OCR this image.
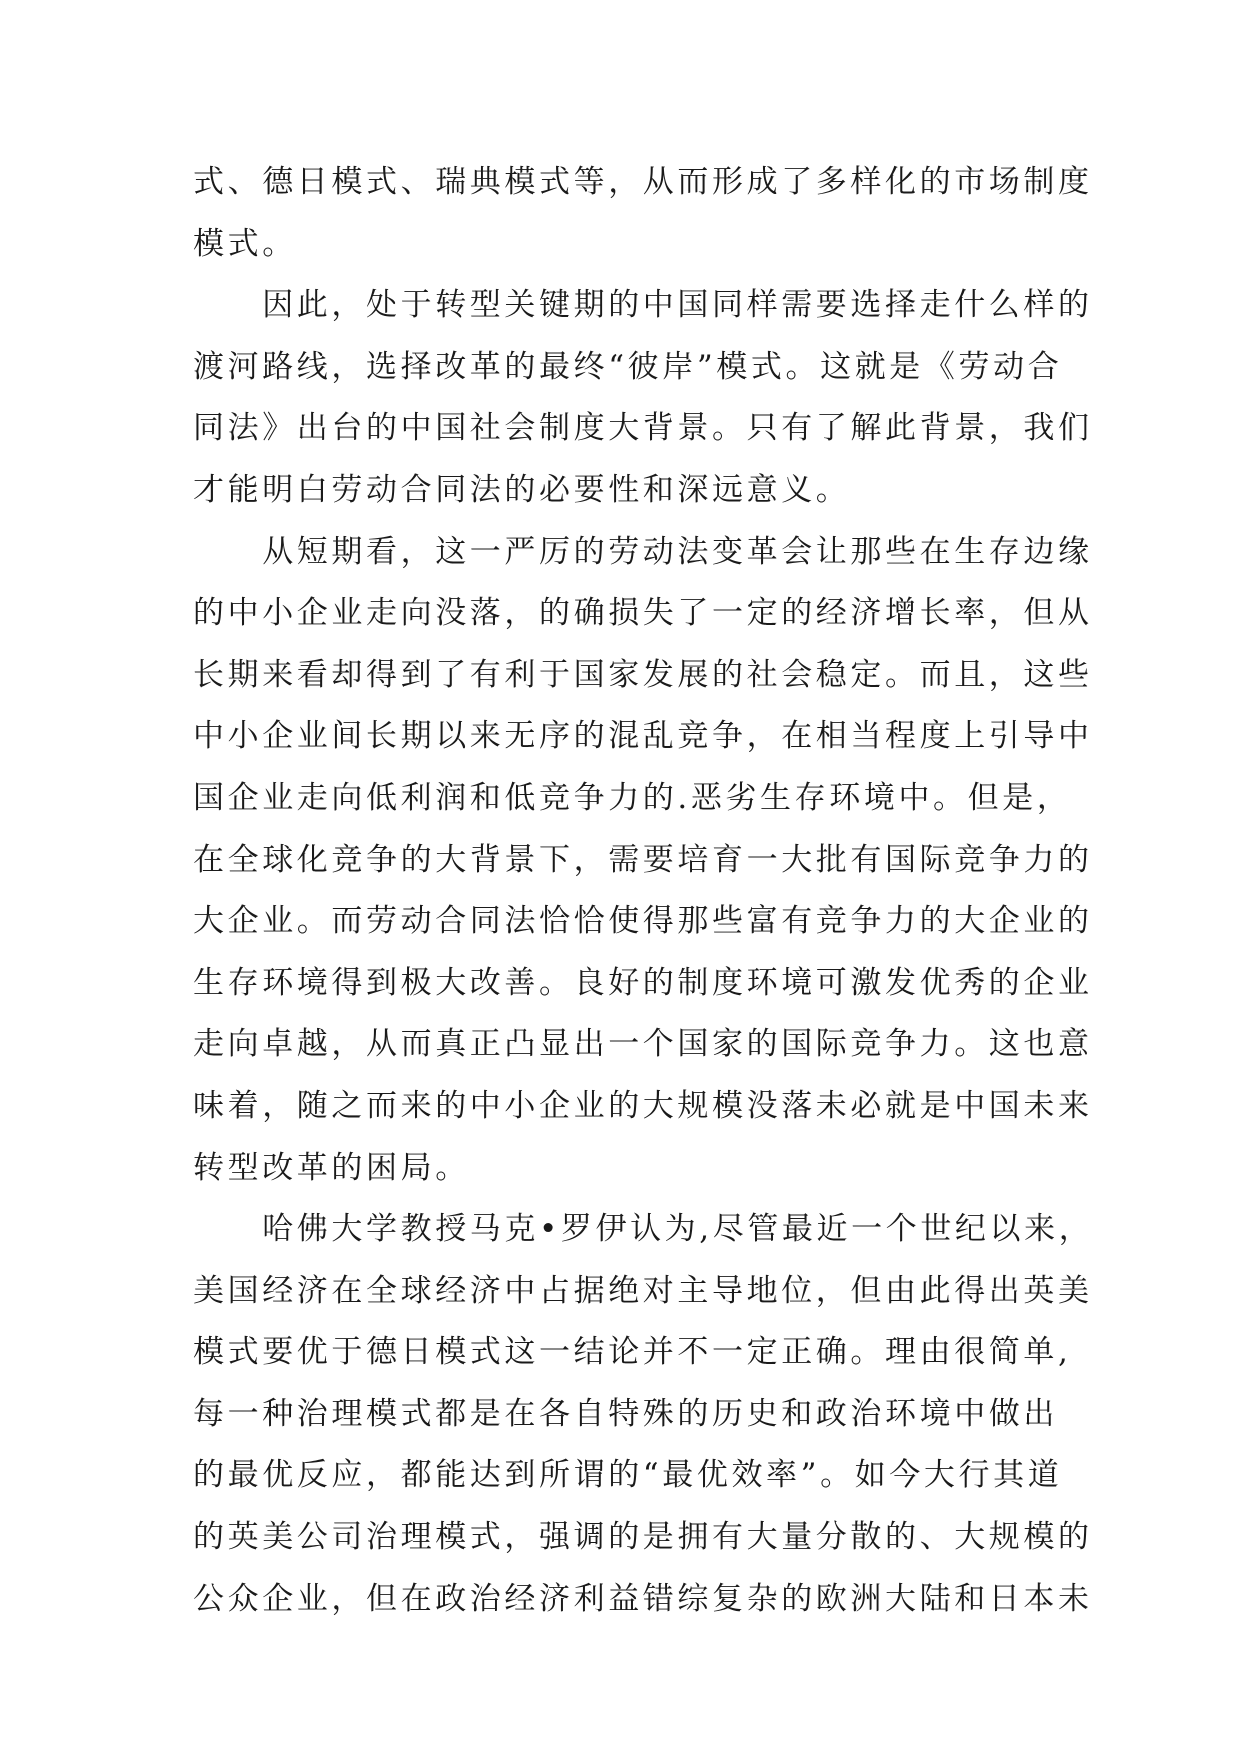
式、德日模式、瑞典模式等，从而形成了多样化的市场制度
模式。
　　因此，处于转型关键期的中国同样需要选择走什么样的
渡河路线，选择改革的最终“彼岸”模式。这就是《劳动合
同法》出台的中国社会制度大背景。只有了解此背景，我们
才能明白劳动合同法的必要性和深远意义。
　　从短期看，这一严厉的劳动法变革会让那些在生存边缘
的中小企业走向没落，的确损失了一定的经济增长率，但从
长期来看却得到了有利于国家发展的社会稳定。而且，这些
中小企业间长期以来无序的混乱竞争，在相当程度上引导中
国企业走向低利润和低竞争力的.恶劣生存环境中。但是，
在全球化竞争的大背景下，需要培育一大批有国际竞争力的
大企业。而劳动合同法恰恰使得那些富有竞争力的大企业的
生存环境得到极大改善。良好的制度环境可激发优秀的企业
走向卓越，从而真正凸显出一个国家的国际竞争力。这也意
味着，随之而来的中小企业的大规模没落未必就是中国未来
转型改革的困局。
　　哈佛大学教授马克•罗伊认为,尽管最近一个世纪以来，
美国经济在全球经济中占据绝对主导地位，但由此得出英美
模式要优于德日模式这一结论并不一定正确。理由很简单,
每一种治理模式都是在各自特殊的历史和政治环境中做出
的最优反应，都能达到所谓的“最优效率”。如今大行其道
的英美公司治理模式，强调的是拥有大量分散的、大规模的
公众企业，但在政治经济利益错综复杂的欧洲大陆和日本未
